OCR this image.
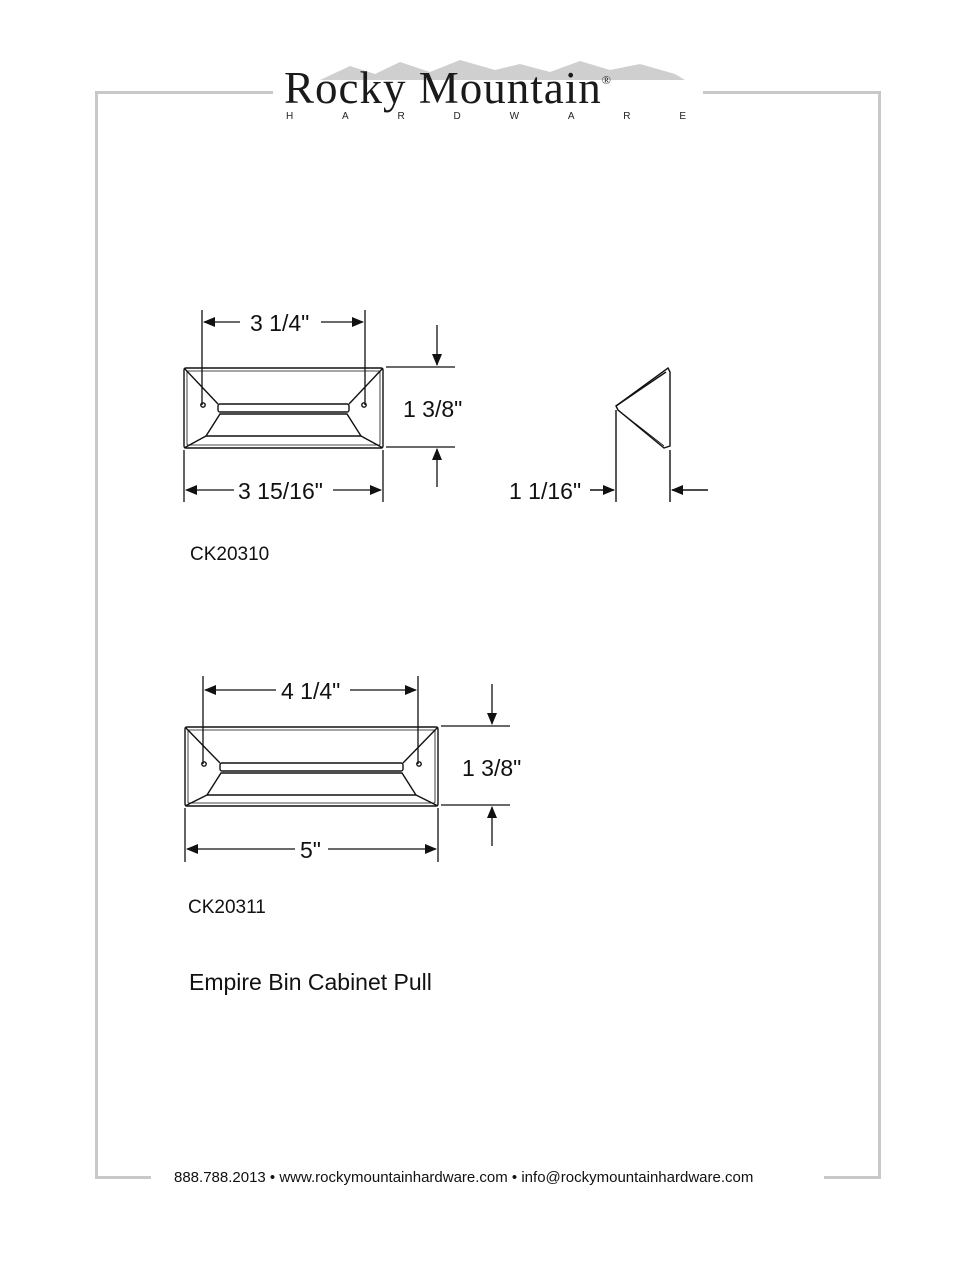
Rocky Mountain®
H	A	R	D	W	A	R	E
3 1/4"
3 15/16"
1 3/8"
1 1/16"
4 1/4"
5"
1 3/8"
CK20310
CK20311
Empire Bin Cabinet Pull
888.788.2013 • www.rockymountainhardware.com • info@rockymountainhardware.com
